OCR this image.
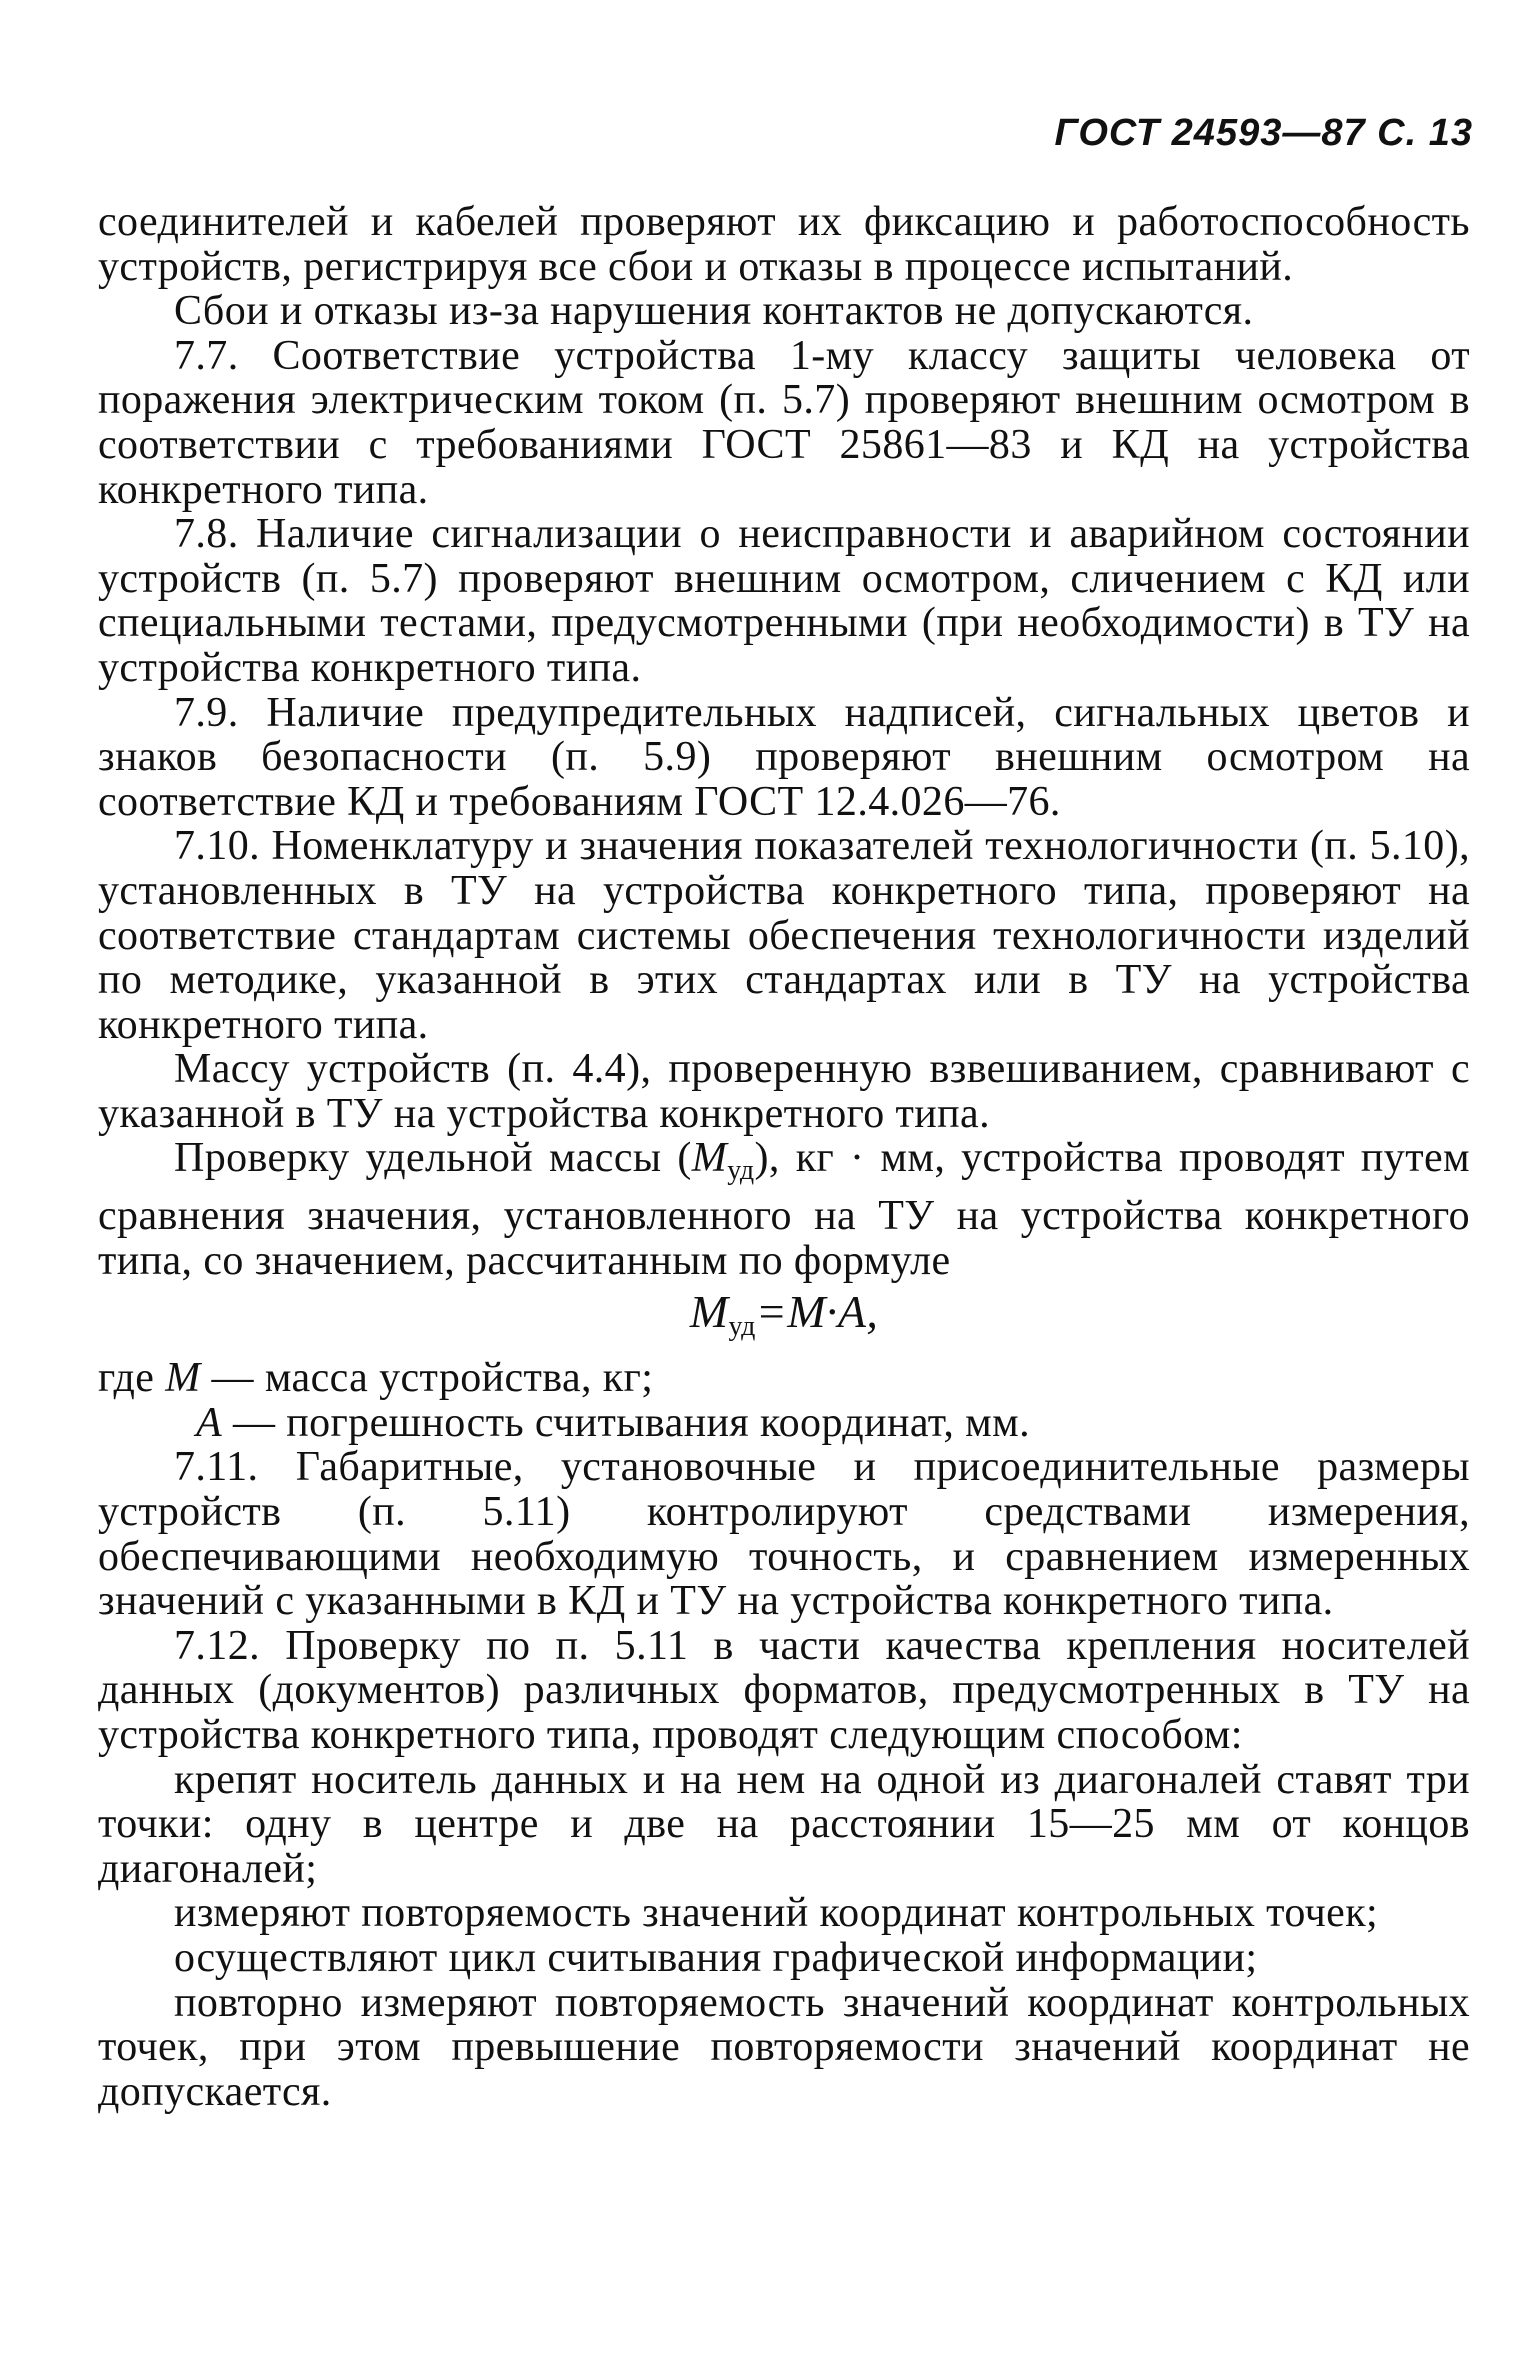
ГОСТ 24593—87 С. 13

соединителей и кабелей проверяют их фиксацию и работоспособность устройств, регистрируя все сбои и отказы в процессе испытаний.

Сбои и отказы из-за нарушения контактов не допускаются.

7.7. Соответствие устройства 1-му классу защиты человека от поражения электрическим током (п. 5.7) проверяют внешним осмотром в соответствии с требованиями ГОСТ 25861—83 и КД на устройства конкретного типа.

7.8. Наличие сигнализации о неисправности и аварийном состоянии устройств (п. 5.7) проверяют внешним осмотром, сличением с КД или специальными тестами, предусмотренными (при необходимости) в ТУ на устройства конкретного типа.

7.9. Наличие предупредительных надписей, сигнальных цветов и знаков безопасности (п. 5.9) проверяют внешним осмотром на соответствие КД и требованиям ГОСТ 12.4.026—76.

7.10. Номенклатуру и значения показателей технологичности (п. 5.10), установленных в ТУ на устройства конкретного типа, проверяют на соответствие стандартам системы обеспечения технологичности изделий по методике, указанной в этих стандартах или в ТУ на устройства конкретного типа.

Массу устройств (п. 4.4), проверенную взвешиванием, сравнивают с указанной в ТУ на устройства конкретного типа.

Проверку удельной массы $(М_{уд})$, кг · мм, устройства проводят путем сравнения значения, установленного на ТУ на устройства конкретного типа, со значением, рассчитанным по формуле

$М_{уд}=М\cdot А$,

где М — масса устройства, кг;

А — погрешность считывания координат, мм.

7.11. Габаритные, установочные и присоединительные размеры устройств (п. 5.11) контролируют средствами измерения, обеспечивающими необходимую точность, и сравнением измеренных значений с указанными в КД и ТУ на устройства конкретного типа.

7.12. Проверку по п. 5.11 в части качества крепления носителей данных (документов) различных форматов, предусмотренных в ТУ на устройства конкретного типа, проводят следующим способом:

крепят носитель данных и на нем на одной из диагоналей ставят три точки: одну в центре и две на расстоянии 15—25 мм от концов диагоналей;

измеряют повторяемость значений координат контрольных точек;

осуществляют цикл считывания графической информации;

повторно измеряют повторяемость значений координат контрольных точек, при этом превышение повторяемости значений координат не допускается.
